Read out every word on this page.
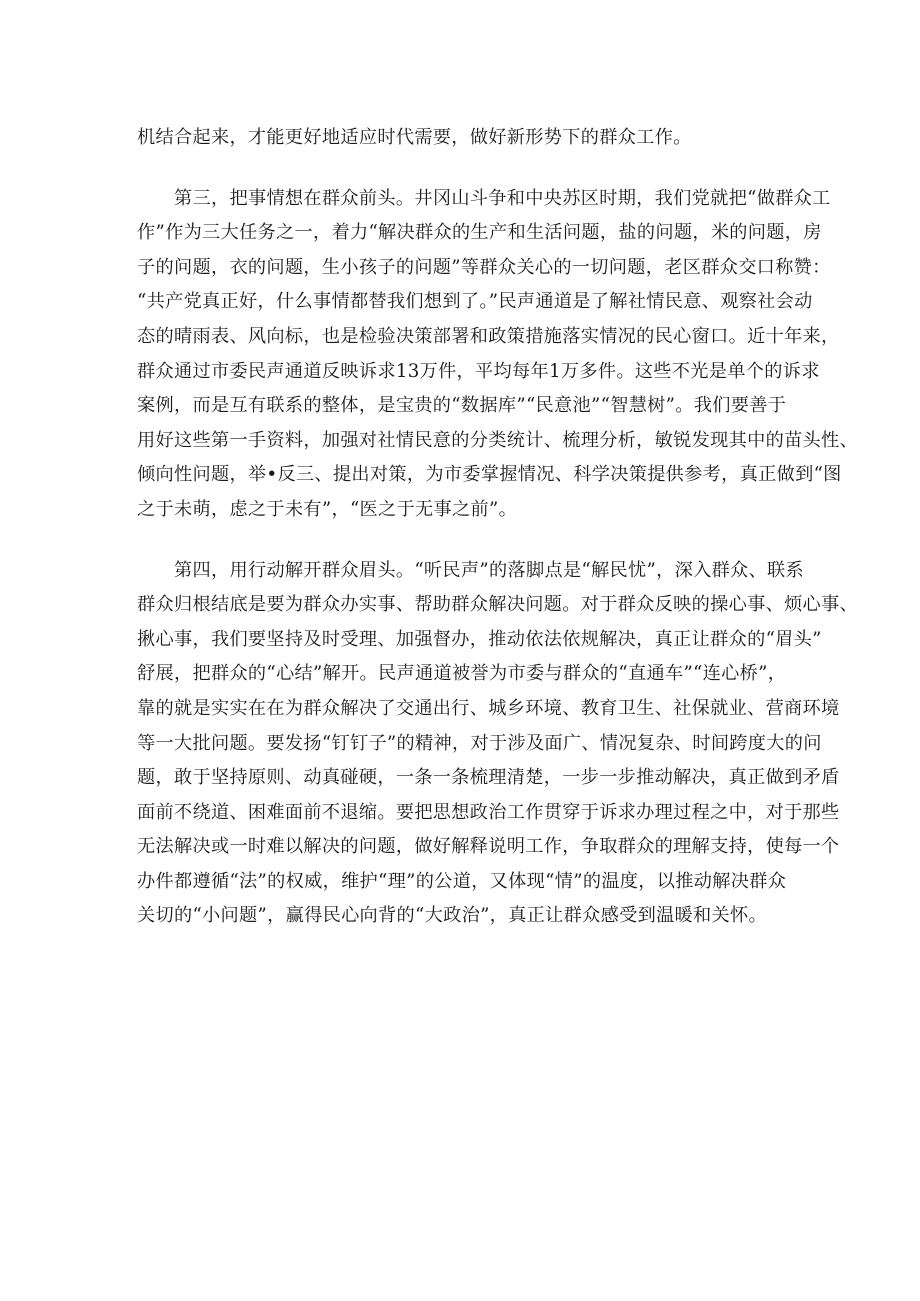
机结合起来，才能更好地适应时代需要，做好新形势下的群众工作。
第三，把事情想在群众前头。井冈山斗争和中央苏区时期，我们党就把“做群众工
作”作为三大任务之一，着力“解决群众的生产和生活问题，盐的问题，米的问题，房
子的问题，衣的问题，生小孩子的问题”等群众关心的一切问题，老区群众交口称赞：
“共产党真正好，什么事情都替我们想到了。”民声通道是了解社情民意、观察社会动
态的晴雨表、风向标，也是检验决策部署和政策措施落实情况的民心窗口。近十年来，
群众通过市委民声通道反映诉求13万件，平均每年1万多件。这些不光是单个的诉求
案例，而是互有联系的整体，是宝贵的“数据库”“民意池”“智慧树”。我们要善于
用好这些第一手资料，加强对社情民意的分类统计、梳理分析，敏锐发现其中的苗头性、
倾向性问题，举•反三、提出对策，为市委掌握情况、科学决策提供参考，真正做到“图
之于未萌，虑之于未有”，“医之于无事之前”。
第四，用行动解开群众眉头。“听民声”的落脚点是“解民忧”，深入群众、联系
群众归根结底是要为群众办实事、帮助群众解决问题。对于群众反映的操心事、烦心事、
揪心事，我们要坚持及时受理、加强督办，推动依法依规解决，真正让群众的“眉头”
舒展，把群众的“心结”解开。民声通道被誉为市委与群众的“直通车”“连心桥”，
靠的就是实实在在为群众解决了交通出行、城乡环境、教育卫生、社保就业、营商环境
等一大批问题。要发扬“钉钉子”的精神，对于涉及面广、情况复杂、时间跨度大的问
题，敢于坚持原则、动真碰硬，一条一条梳理清楚，一步一步推动解决，真正做到矛盾
面前不绕道、困难面前不退缩。要把思想政治工作贯穿于诉求办理过程之中，对于那些
无法解决或一时难以解决的问题，做好解释说明工作，争取群众的理解支持，使每一个
办件都遵循“法”的权威，维护“理”的公道，又体现“情”的温度，以推动解决群众
关切的“小问题”，赢得民心向背的“大政治”，真正让群众感受到温暖和关怀。
